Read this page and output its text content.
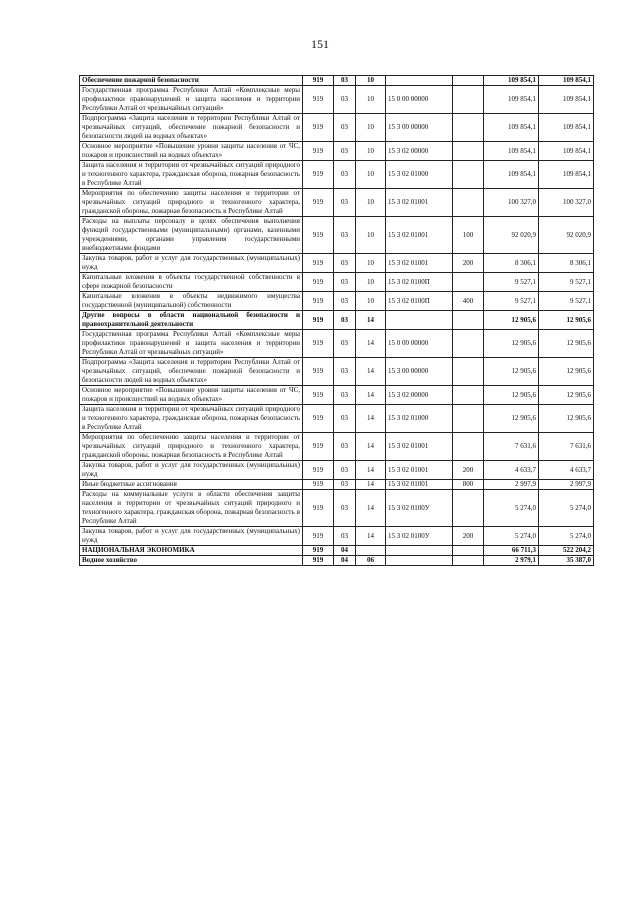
151
Обеспечение пожарной безопасности	919	03	10			109 854,1	109 854,1
Государственная программа Республики Алтай «Комплексные меры профилактики правонарушений и защита населения и территории Республики Алтай от чрезвычайных ситуаций»	919	03	10	15 0 00 00000		109 854,1	109 854,1
Подпрограмма «Защита населения и территории Республики Алтай от чрезвычайных ситуаций, обеспечение пожарной безопасности и безопасности людей на водных объектах»	919	03	10	15 3 00 00000		109 854,1	109 854,1
Основное мероприятие «Повышение уровня защиты населения от ЧС, пожаров и происшествий на водных объектах»	919	03	10	15 3 02 00000		109 854,1	109 854,1
Защита населения и территории от чрезвычайных ситуаций природного и техногенного характера, гражданская оборона, пожарная безопасность в Республике Алтай	919	03	10	15 3 02 01000		109 854,1	109 854,1
Мероприятия по обеспечению защиты населения и территории от чрезвычайных ситуаций природного и техногенного характера, гражданской обороны, пожарная безопасность в Республике Алтай	919	03	10	15 3 02 01001		100 327,0	100 327,0
Расходы на выплаты персоналу в целях обеспечения выполнения функций государственными (муниципальными) органами, казенными учреждениями, органами управления государственными внебюджетными фондами	919	03	10	15 3 02 01001	100	92 020,9	92 020,9
Закупка товаров, работ и услуг для государственных (муниципальных) нужд	919	03	10	15 3 02 01001	200	8 306,1	8 306,1
Капитальные вложения в объекты государственной собственности в сфере пожарной безопасности	919	03	10	15 3 02 0100П		9 527,1	9 527,1
Капитальные вложения в объекты недвижимого имущества государственной (муниципальной) собственности	919	03	10	15 3 02 0100П	400	9 527,1	9 527,1
Другие вопросы в области национальной безопасности и правоохранительной деятельности	919	03	14			12 905,6	12 905,6
Государственная программа Республики Алтай «Комплексные меры профилактики правонарушений и защита населения и территории Республики Алтай от чрезвычайных ситуаций»	919	03	14	15 0 00 00000		12 905,6	12 905,6
Подпрограмма «Защита населения и территории Республики Алтай от чрезвычайных ситуаций, обеспечение пожарной безопасности и безопасности людей на водных объектах»	919	03	14	15 3 00 00000		12 905,6	12 905,6
Основное мероприятие «Повышение уровня защиты населения от ЧС, пожаров и происшествий на водных объектах»	919	03	14	15 3 02 00000		12 905,6	12 905,6
Защита населения и территории от чрезвычайных ситуаций природного и техногенного характера, гражданская оборона, пожарная безопасность в Республике Алтай	919	03	14	15 3 02 01000		12 905,6	12 905,6
Мероприятия по обеспечению защиты населения и территории от чрезвычайных ситуаций природного и техногенного характера, гражданской обороны, пожарная безопасность в Республике Алтай	919	03	14	15 3 02 01001		7 631,6	7 631,6
Закупка товаров, работ и услуг для государственных (муниципальных) нужд	919	03	14	15 3 02 01001	200	4 633,7	4 633,7
Иные бюджетные ассигнования	919	03	14	15 3 02 01001	800	2 997,9	2 997,9
Расходы на коммунальные услуги в области обеспечения защиты населения и территории от чрезвычайных ситуаций природного и техногенного характера, гражданская оборона, пожарная безопасность в Республике Алтай	919	03	14	15 3 02 0100У		5 274,0	5 274,0
Закупка товаров, работ и услуг для государственных (муниципальных) нужд	919	03	14	15 3 02 0100У	200	5 274,0	5 274,0
НАЦИОНАЛЬНАЯ ЭКОНОМИКА	919	04				66 711,3	522 204,2
Водное хозяйство	919	04	06			2 979,1	35 387,0
